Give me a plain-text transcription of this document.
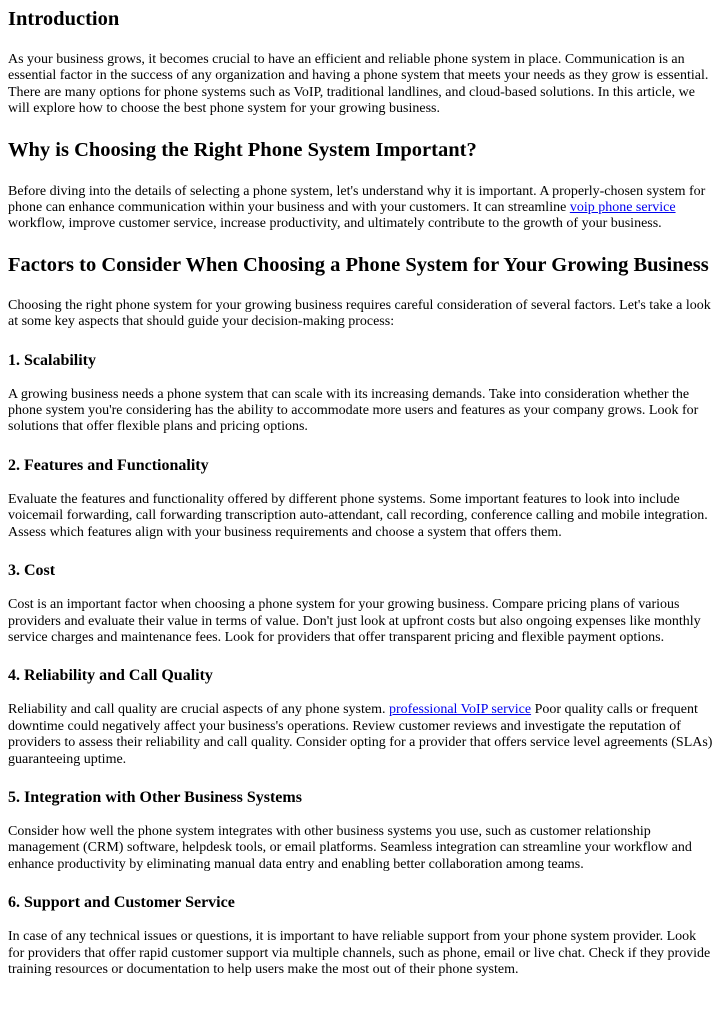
Introduction

As your business grows, it becomes crucial to have an efficient and reliable phone system in place. Communication is an essential factor in the success of any organization and having a phone system that meets your needs as they grow is essential. There are many options for phone systems such as VoIP, traditional landlines, and cloud-based solutions. In this article, we will explore how to choose the best phone system for your growing business.

Why is Choosing the Right Phone System Important?

Before diving into the details of selecting a phone system, let's understand why it is important. A properly-chosen system for phone can enhance communication within your business and with your customers. It can streamline voip phone service workflow, improve customer service, increase productivity, and ultimately contribute to the growth of your business.

Factors to Consider When Choosing a Phone System for Your Growing Business

Choosing the right phone system for your growing business requires careful consideration of several factors. Let's take a look at some key aspects that should guide your decision-making process:

1. Scalability

A growing business needs a phone system that can scale with its increasing demands. Take into consideration whether the phone system you're considering has the ability to accommodate more users and features as your company grows. Look for solutions that offer flexible plans and pricing options.

2. Features and Functionality

Evaluate the features and functionality offered by different phone systems. Some important features to look into include voicemail forwarding, call forwarding transcription auto-attendant, call recording, conference calling and mobile integration. Assess which features align with your business requirements and choose a system that offers them.

3. Cost

Cost is an important factor when choosing a phone system for your growing business. Compare pricing plans of various providers and evaluate their value in terms of value. Don't just look at upfront costs but also ongoing expenses like monthly service charges and maintenance fees. Look for providers that offer transparent pricing and flexible payment options.

4. Reliability and Call Quality

Reliability and call quality are crucial aspects of any phone system. professional VoIP service Poor quality calls or frequent downtime could negatively affect your business's operations. Review customer reviews and investigate the reputation of providers to assess their reliability and call quality. Consider opting for a provider that offers service level agreements (SLAs) guaranteeing uptime.

5. Integration with Other Business Systems

Consider how well the phone system integrates with other business systems you use, such as customer relationship management (CRM) software, helpdesk tools, or email platforms. Seamless integration can streamline your workflow and enhance productivity by eliminating manual data entry and enabling better collaboration among teams.

6. Support and Customer Service

In case of any technical issues or questions, it is important to have reliable support from your phone system provider. Look for providers that offer rapid customer support via multiple channels, such as phone, email or live chat. Check if they provide training resources or documentation to help users make the most out of their phone system.
